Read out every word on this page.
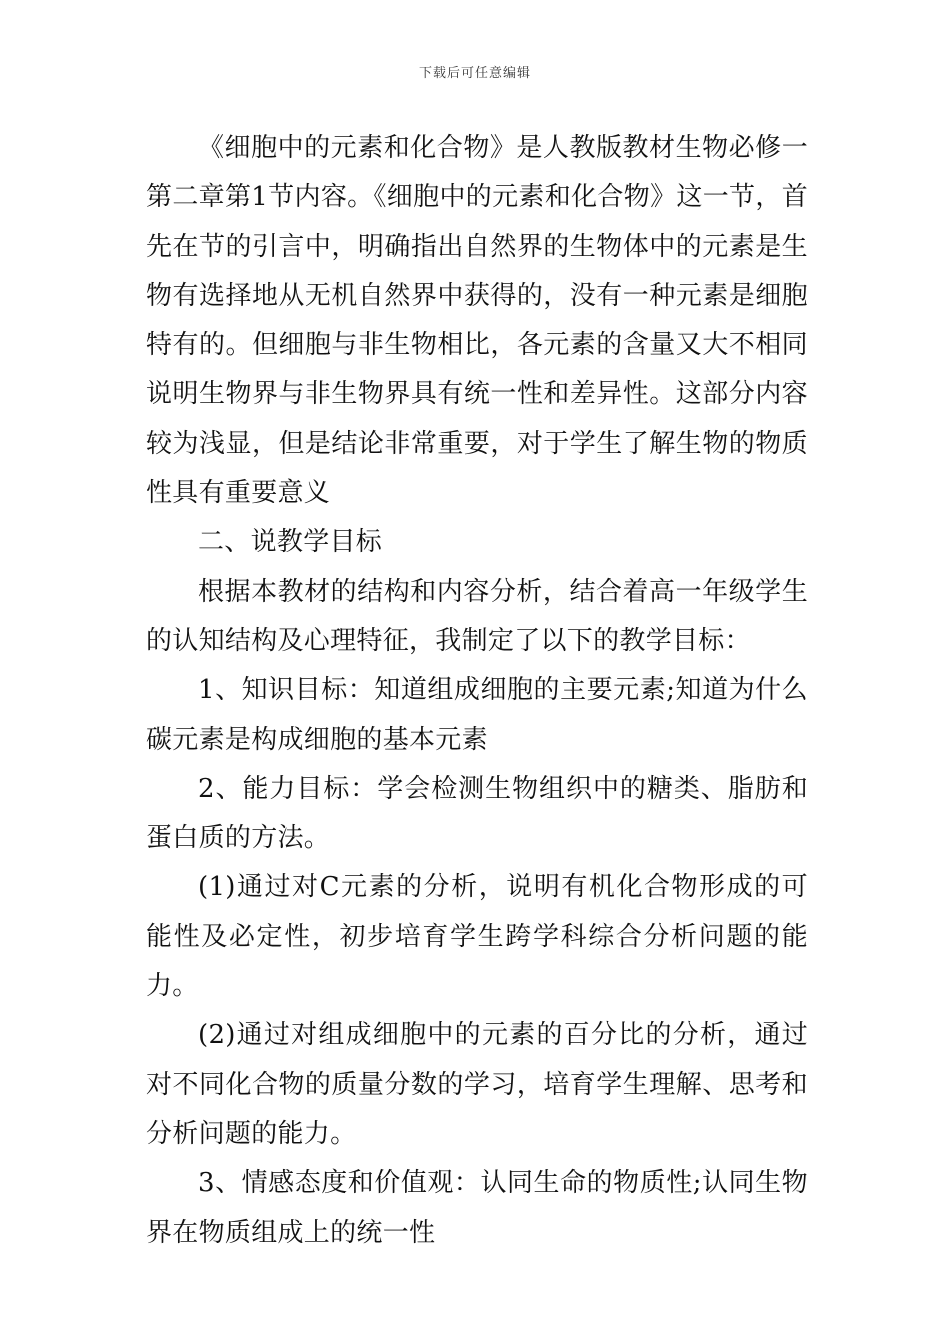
下载后可任意编辑

《细胞中的元素和化合物》是人教版教材生物必修一第二章第1节内容。《细胞中的元素和化合物》这一节，首先在节的引言中，明确指出自然界的生物体中的元素是生物有选择地从无机自然界中获得的，没有一种元素是细胞特有的。但细胞与非生物相比，各元素的含量又大不相同说明生物界与非生物界具有统一性和差异性。这部分内容较为浅显，但是结论非常重要，对于学生了解生物的物质性具有重要意义

二、说教学目标

根据本教材的结构和内容分析，结合着高一年级学生的认知结构及心理特征，我制定了以下的教学目标：

1、知识目标：知道组成细胞的主要元素;知道为什么碳元素是构成细胞的基本元素

2、能力目标：学会检测生物组织中的糖类、脂肪和蛋白质的方法。

(1)通过对C元素的分析，说明有机化合物形成的可能性及必定性，初步培育学生跨学科综合分析问题的能力。

(2)通过对组成细胞中的元素的百分比的分析，通过对不同化合物的质量分数的学习，培育学生理解、思考和分析问题的能力。

3、情感态度和价值观：认同生命的物质性;认同生物界在物质组成上的统一性
